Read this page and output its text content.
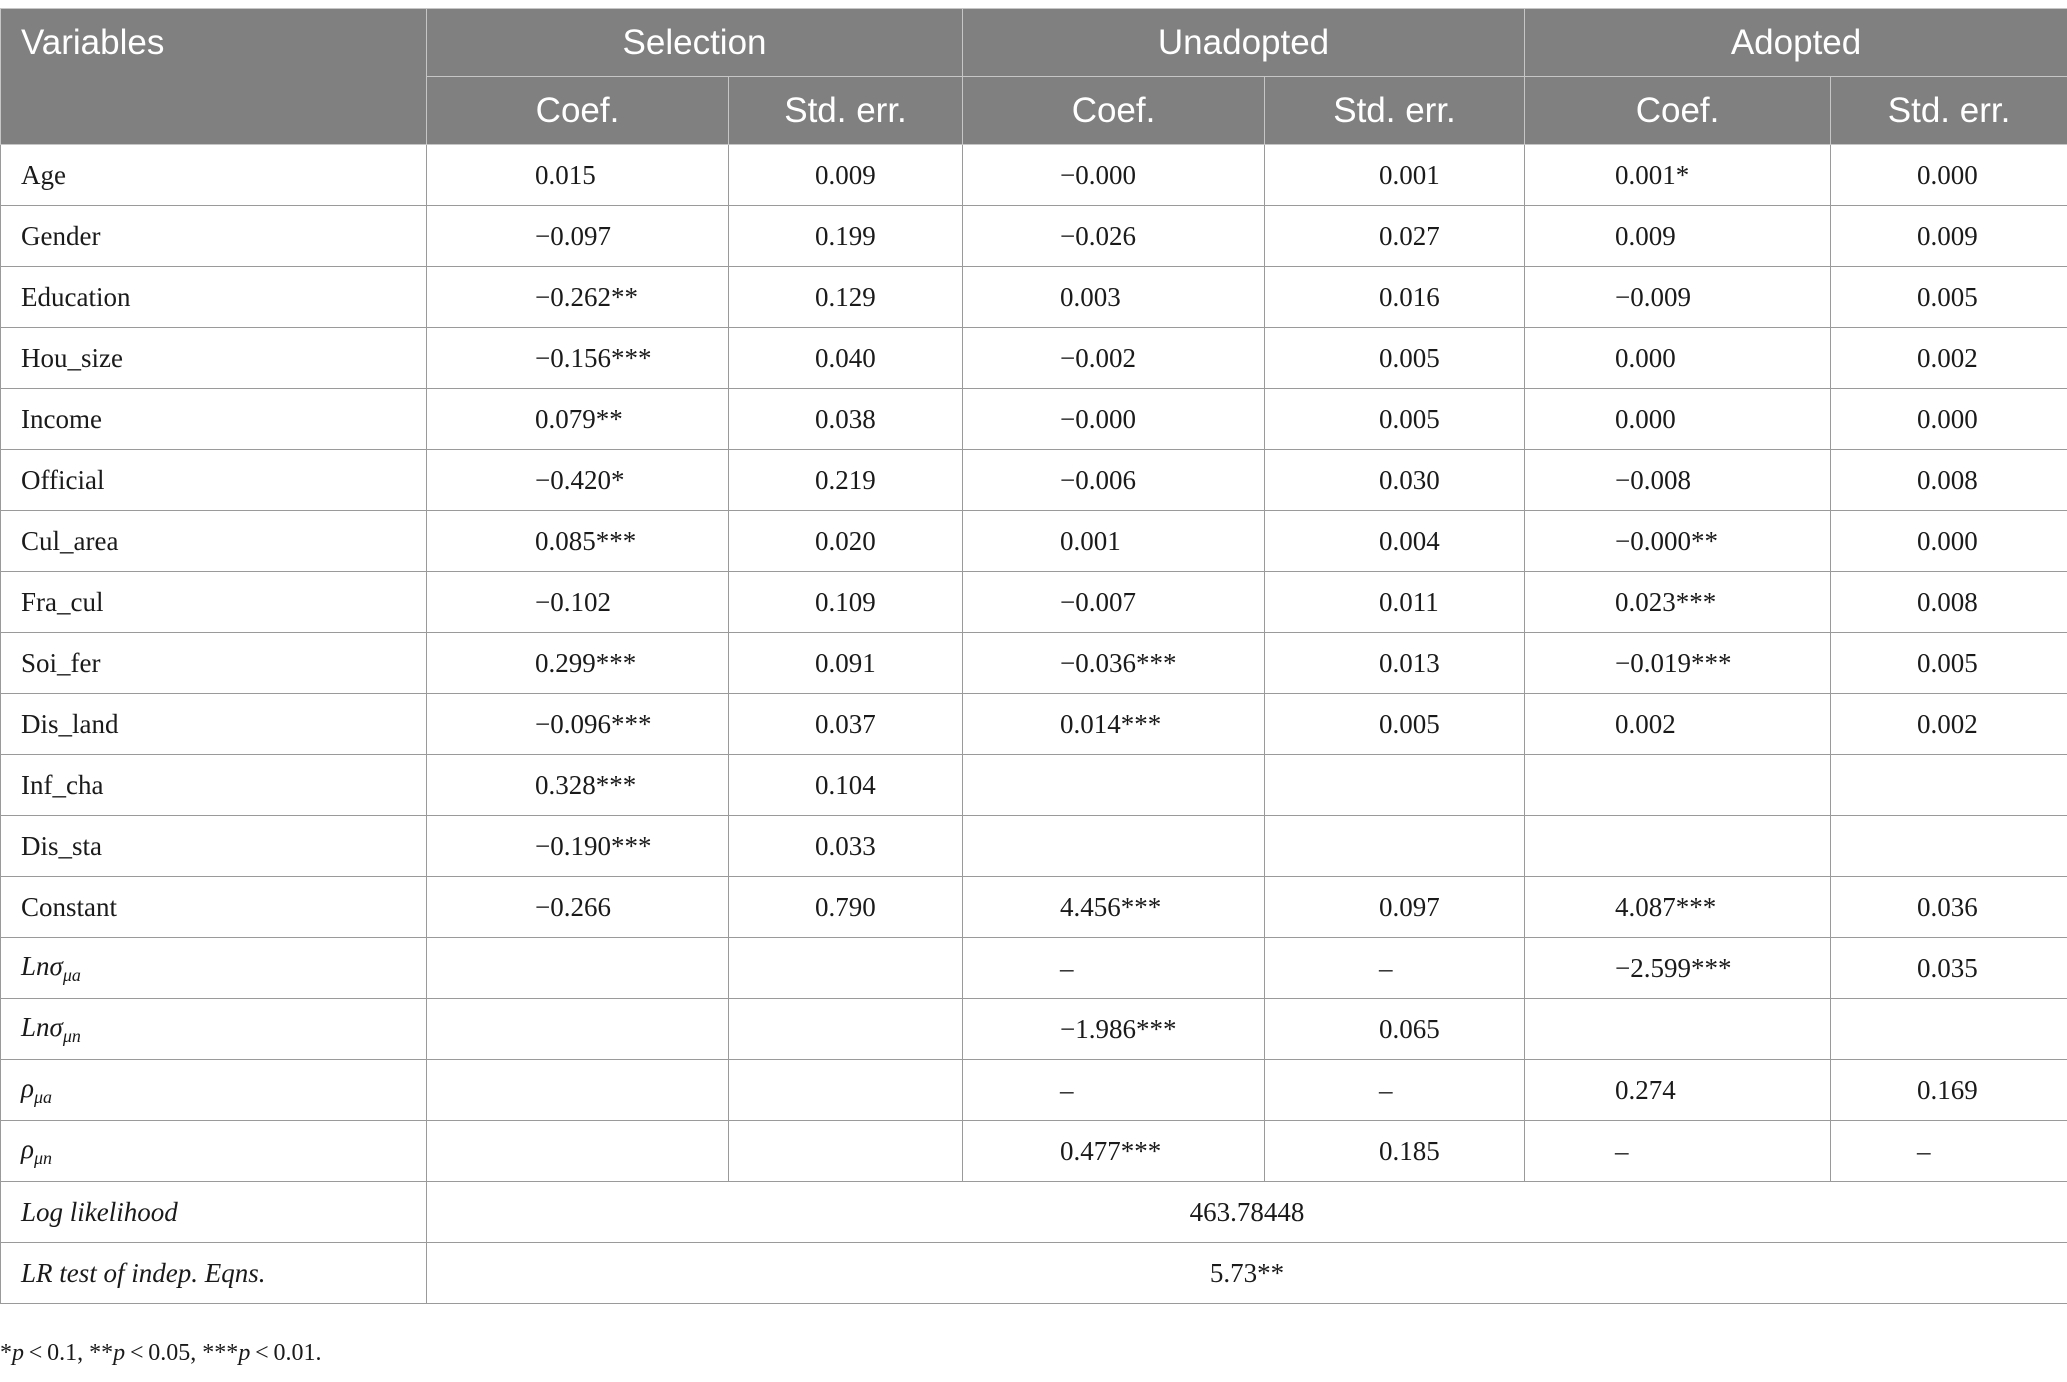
Variables	Selection		Unadopted		Adopted	
	Coef.	Std. err.	Coef.	Std. err.	Coef.	Std. err.
Age	0.015	0.009	−0.000	0.001	0.001*	0.000
Gender	−0.097	0.199	−0.026	0.027	0.009	0.009
Education	−0.262**	0.129	0.003	0.016	−0.009	0.005
Hou_size	−0.156***	0.040	−0.002	0.005	0.000	0.002
Income	0.079**	0.038	−0.000	0.005	0.000	0.000
Official	−0.420*	0.219	−0.006	0.030	−0.008	0.008
Cul_area	0.085***	0.020	0.001	0.004	−0.000**	0.000
Fra_cul	−0.102	0.109	−0.007	0.011	0.023***	0.008
Soi_fer	0.299***	0.091	−0.036***	0.013	−0.019***	0.005
Dis_land	−0.096***	0.037	0.014***	0.005	0.002	0.002
Inf_cha	0.328***	0.104				
Dis_sta	−0.190***	0.033				
Constant	−0.266	0.790	4.456***	0.097	4.087***	0.036
Lnσ$_{\mu a}$			–	–	−2.599***	0.035
Lnσ$_{\mu n}$			−1.986***	0.065		
$\rho_{\mu a}$			–	–	0.274	0.169
$\rho_{\mu n}$			0.477***	0.185	–	–
Log likelihood	463.78448					
LR test of indep. Eqns.	5.73**					
*p < 0.1, **p < 0.05, ***p < 0.01.
